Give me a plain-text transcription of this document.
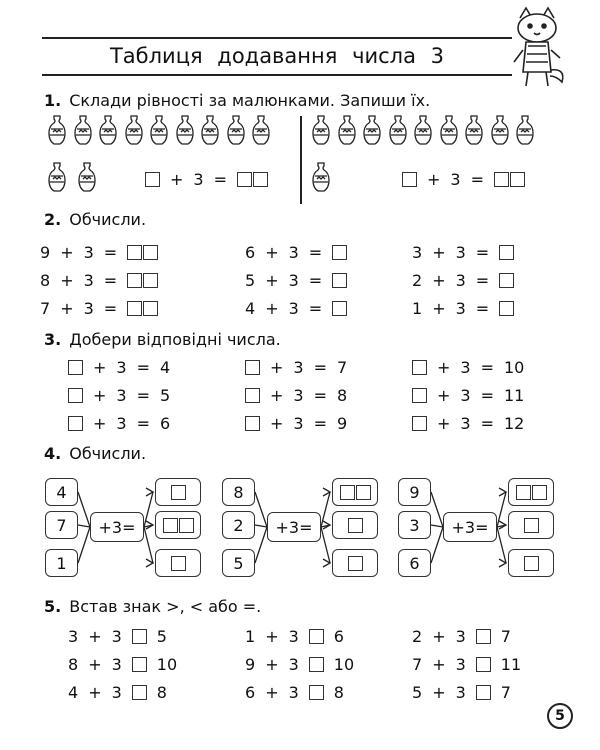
Таблиця додавання числа 3
1. Склади рівності за малюнками. Запиши їх.
+ 3 =	+ 3 =
2. Обчисли.
9 + 3 =
8 + 3 =
7 + 3 =
6 + 3 =
5 + 3 =
4 + 3 =
3 + 3 =
2 + 3 =
1 + 3 =
3. Добери відповідні числа.
+ 3 = 4
+ 3 = 5
+ 3 = 6
+ 3 = 7
+ 3 = 8
+ 3 = 9
+ 3 = 10
+ 3 = 11
+ 3 = 12
4. Обчисли.
4
7
1
+3=
8
2
5
+3=
9
3
6
+3=
5. Встав знак >, < або =.
3 + 3 5
8 + 3 10
4 + 3 8
1 + 3 6
9 + 3 10
6 + 3 8
2 + 3 7
7 + 3 11
5 + 3 7
5
